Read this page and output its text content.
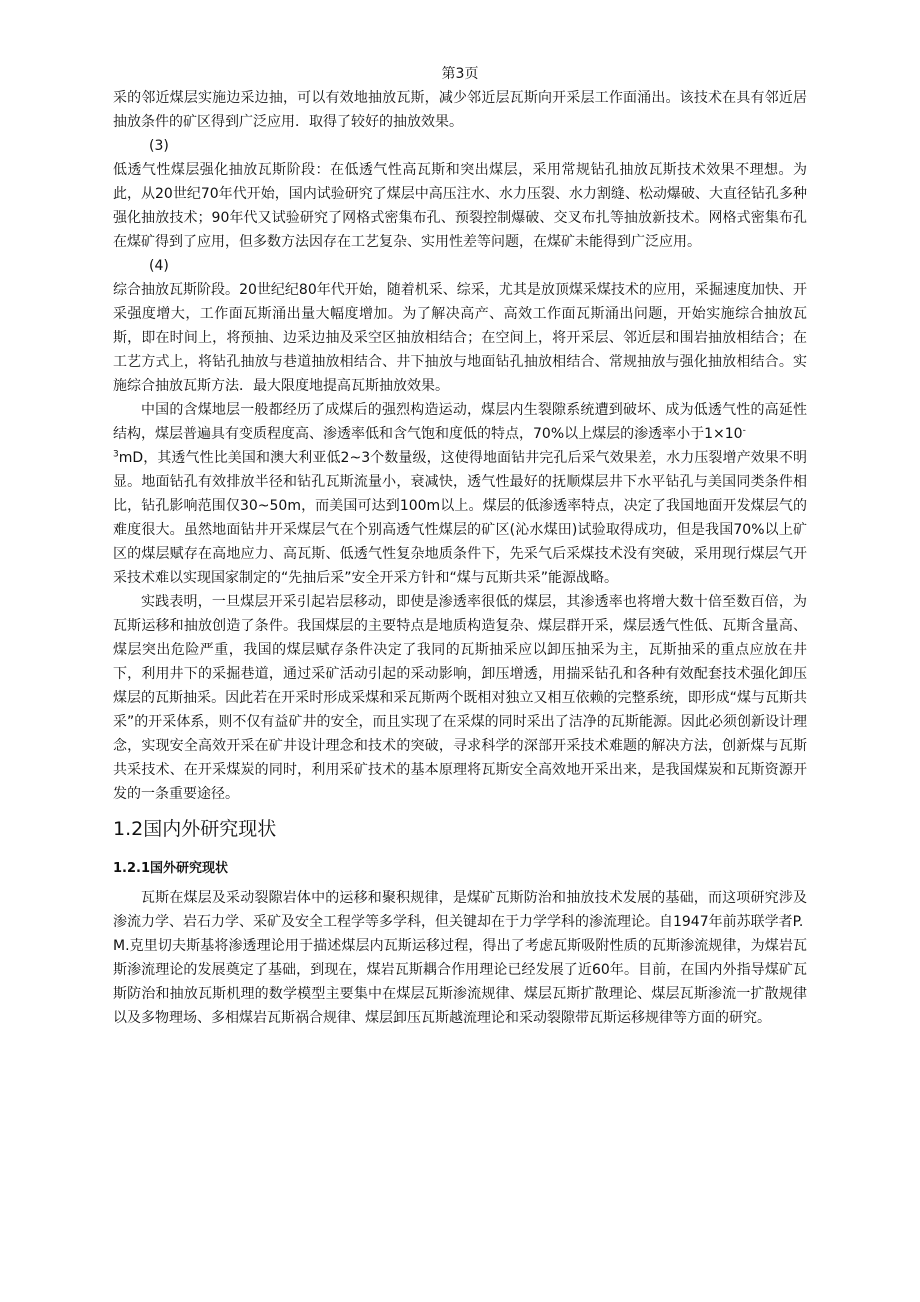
第3页

采的邻近煤层实施边采边抽，可以有效地抽放瓦斯，减少邻近层瓦斯向开采层工作面涌出。该技术在具有邻近居抽放条件的矿区得到广泛应用．取得了较好的抽放效果。

(3)

低透气性煤层强化抽放瓦斯阶段：在低透气性高瓦斯和突出煤层，采用常规钻孔抽放瓦斯技术效果不理想。为此，从20世纪70年代开始，国内试验研究了煤层中高压注水、水力压裂、水力割缝、松动爆破、大直径钻孔多种强化抽放技术；90年代又试验研究了网格式密集布孔、预裂控制爆破、交叉布扎等抽放新技术。网格式密集布孔在煤矿得到了应用，但多数方法因存在工艺复杂、实用性差等问题，在煤矿未能得到广泛应用。

(4)

综合抽放瓦斯阶段。20世纪纪80年代开始，随着机采、综采，尤其是放顶煤采煤技术的应用，采掘速度加快、开采强度增大，工作面瓦斯涌出量大幅度增加。为了解决高产、高效工作面瓦斯涌出问题，开始实施综合抽放瓦斯，即在时间上，将预抽、边采边抽及采空区抽放相结合；在空间上，将开采层、邻近层和围岩抽放相结合；在工艺方式上，将钻孔抽放与巷道抽放相结合、井下抽放与地面钻孔抽放相结合、常规抽放与强化抽放相结合。实施综合抽放瓦斯方法．最大限度地提高瓦斯抽放效果。

中国的含煤地层一般都经历了成煤后的强烈构造运动，煤层内生裂隙系统遭到破坏、成为低透气性的高延性结构，煤层普遍具有变质程度高、渗透率低和含气饱和度低的特点，70%以上煤层的渗透率小于1×10-

$^3$mD，其透气性比美国和澳大利亚低2~3个数量级，这使得地面钻井完孔后采气效果差，水力压裂增产效果不明显。地面钻孔有效排放半径和钻孔瓦斯流量小，衰减快，透气性最好的抚顺煤层井下水平钻孔与美国同类条件相比，钻孔影响范围仅30~50m，而美国可达到100m以上。煤层的低渗透率特点，决定了我国地面开发煤层气的难度很大。虽然地面钻井开采煤层气在个别高透气性煤层的矿区(沁水煤田)试验取得成功，但是我国70%以上矿区的煤层赋存在高地应力、高瓦斯、低透气性复杂地质条件下，先采气后采煤技术没有突破，采用现行煤层气开采技术难以实现国家制定的“先抽后采”安全开采方针和“煤与瓦斯共采”能源战略。

实践表明，一旦煤层开采引起岩层移动，即使是渗透率很低的煤层，其渗透率也将增大数十倍至数百倍，为瓦斯运移和抽放创造了条件。我国煤层的主要特点是地质构造复杂、煤层群开采，煤层透气性低、瓦斯含量高、煤层突出危险严重，我国的煤层赋存条件决定了我同的瓦斯抽采应以卸压抽采为主，瓦斯抽采的重点应放在井下，利用井下的采掘巷道，通过采矿活动引起的采动影响，卸压增透，用揣采钻孔和各种有效配套技术强化卸压煤层的瓦斯抽采。因此若在开采时形成采煤和采瓦斯两个既相对独立又相互依赖的完整系统，即形成“煤与瓦斯共采”的开采体系，则不仅有益矿井的安全，而且实现了在采煤的同时采出了洁净的瓦斯能源。因此必须创新设计理念，实现安全高效开采在矿井设计理念和技术的突破，寻求科学的深部开采技术难题的解决方法，创新煤与瓦斯共采技术、在开采煤炭的同时，利用采矿技术的基本原理将瓦斯安全高效地开采出来，是我国煤炭和瓦斯资源开发的一条重要途径。

1.2国内外研究现状
1.2.1国外研究现状

瓦斯在煤层及采动裂隙岩体中的运移和聚积规律，是煤矿瓦斯防治和抽放技术发展的基础，而这项研究涉及渗流力学、岩石力学、采矿及安全工程学等多学科，但关键却在于力学学科的渗流理论。自1947年前苏联学者P.

M.克里切夫斯基将渗透理论用于描述煤层内瓦斯运移过程，得出了考虑瓦斯吸附性质的瓦斯渗流规律，为煤岩瓦斯渗流理论的发展奠定了基础，到现在，煤岩瓦斯耦合作用理论已经发展了近60年。目前，在国内外指导煤矿瓦斯防治和抽放瓦斯机理的数学模型主要集中在煤层瓦斯渗流规律、煤层瓦斯扩散理论、煤层瓦斯渗流一扩散规律以及多物理场、多相煤岩瓦斯祸合规律、煤层卸压瓦斯越流理论和采动裂隙带瓦斯运移规律等方面的研究。
